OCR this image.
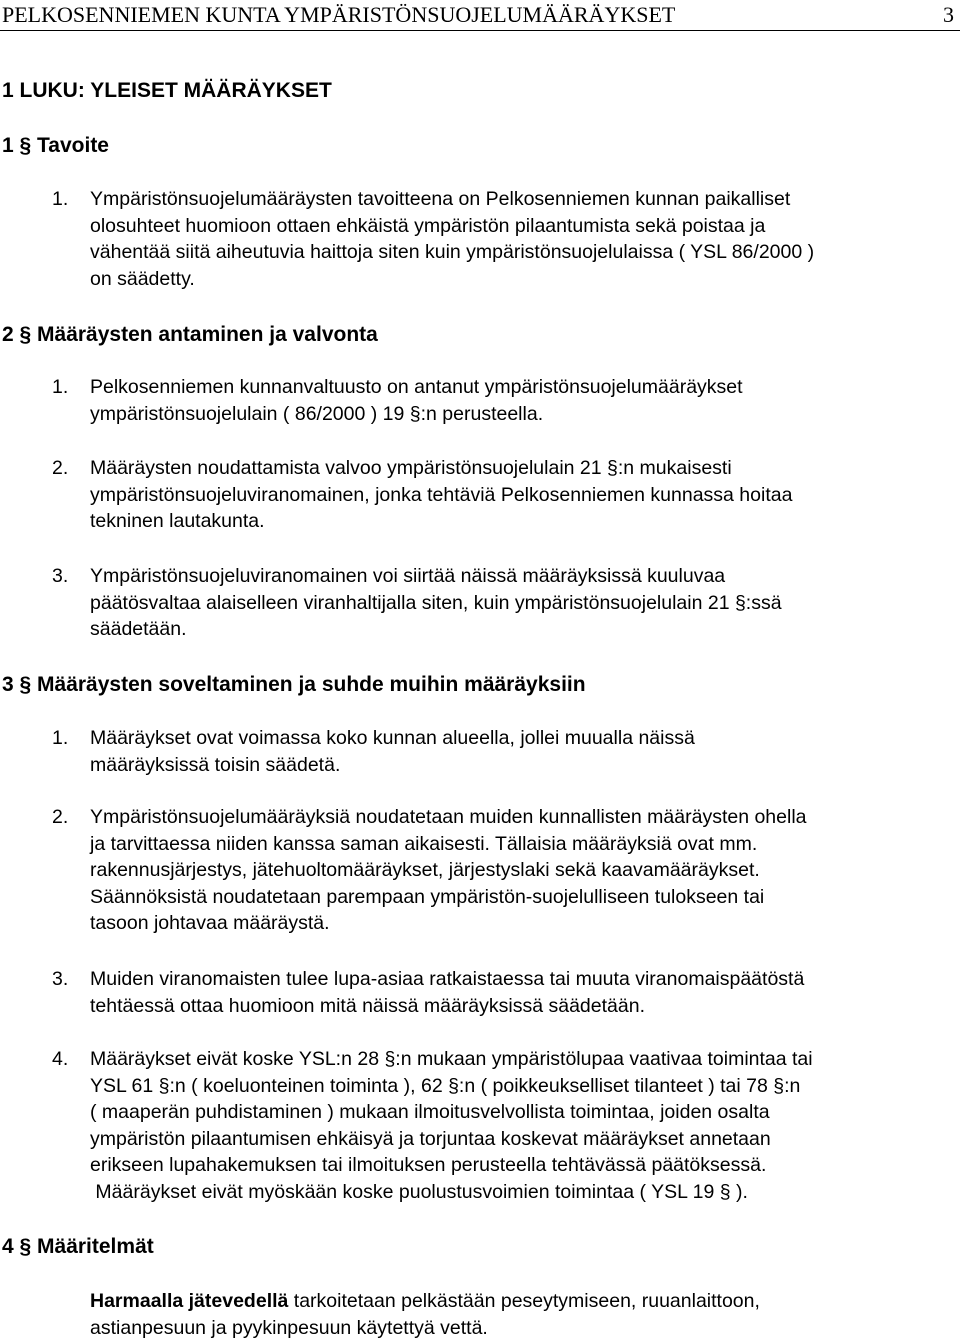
PELKOSENNIEMEN KUNTA YMPÄRISTÖNSUOJELUMÄÄRÄYKSET	3
1 LUKU: YLEISET MÄÄRÄYKSET
1 § Tavoite
1. Ympäristönsuojelumääräysten tavoitteena on Pelkosenniemen kunnan paikalliset
olosuhteet huomioon ottaen ehkäistä ympäristön pilaantumista sekä poistaa ja
vähentää siitä aiheutuvia haittoja siten kuin ympäristönsuojelulaissa ( YSL 86/2000 )
on säädetty.
2 § Määräysten antaminen ja valvonta
1. Pelkosenniemen kunnanvaltuusto on antanut ympäristönsuojelumääräykset
ympäristönsuojelulain ( 86/2000 ) 19 §:n perusteella.
2. Määräysten noudattamista valvoo ympäristönsuojelulain 21 §:n mukaisesti
ympäristönsuojeluviranomainen, jonka tehtäviä Pelkosenniemen kunnassa hoitaa
tekninen lautakunta.
3. Ympäristönsuojeluviranomainen voi siirtää näissä määräyksissä kuuluvaa
päätösvaltaa alaiselleen viranhaltijalla siten, kuin ympäristönsuojelulain 21 §:ssä
säädetään.
3 § Määräysten soveltaminen ja suhde muihin määräyksiin
1. Määräykset ovat voimassa koko kunnan alueella, jollei muualla näissä
määräyksissä toisin säädetä.
2. Ympäristönsuojelumääräyksiä noudatetaan muiden kunnallisten määräysten ohella
ja tarvittaessa niiden kanssa saman aikaisesti. Tällaisia määräyksiä ovat mm.
rakennusjärjestys, jätehuoltomääräykset, järjestyslaki sekä kaavamääräykset.
Säännöksistä noudatetaan parempaan ympäristön-suojelulliseen tulokseen tai
tasoon johtavaa määräystä.
3. Muiden viranomaisten tulee lupa-asiaa ratkaistaessa tai muuta viranomaispäätöstä
tehtäessä ottaa huomioon mitä näissä määräyksissä säädetään.
4. Määräykset eivät koske YSL:n 28 §:n mukaan ympäristölupaa vaativaa toimintaa tai
YSL 61 §:n ( koeluonteinen toiminta ), 62 §:n ( poikkeukselliset tilanteet ) tai 78 §:n
( maaperän puhdistaminen ) mukaan ilmoitusvelvollista toimintaa, joiden osalta
ympäristön pilaantumisen ehkäisyä ja torjuntaa koskevat määräykset annetaan
erikseen lupahakemuksen tai ilmoituksen perusteella tehtävässä päätöksessä.
Määräykset eivät myöskään koske puolustusvoimien toimintaa ( YSL 19 § ).
4 § Määritelmät
Harmaalla jätevedellä tarkoitetaan pelkästään peseytymiseen, ruuanlaittoon,
astianpesuun ja pyykinpesuun käytettyä vettä.
